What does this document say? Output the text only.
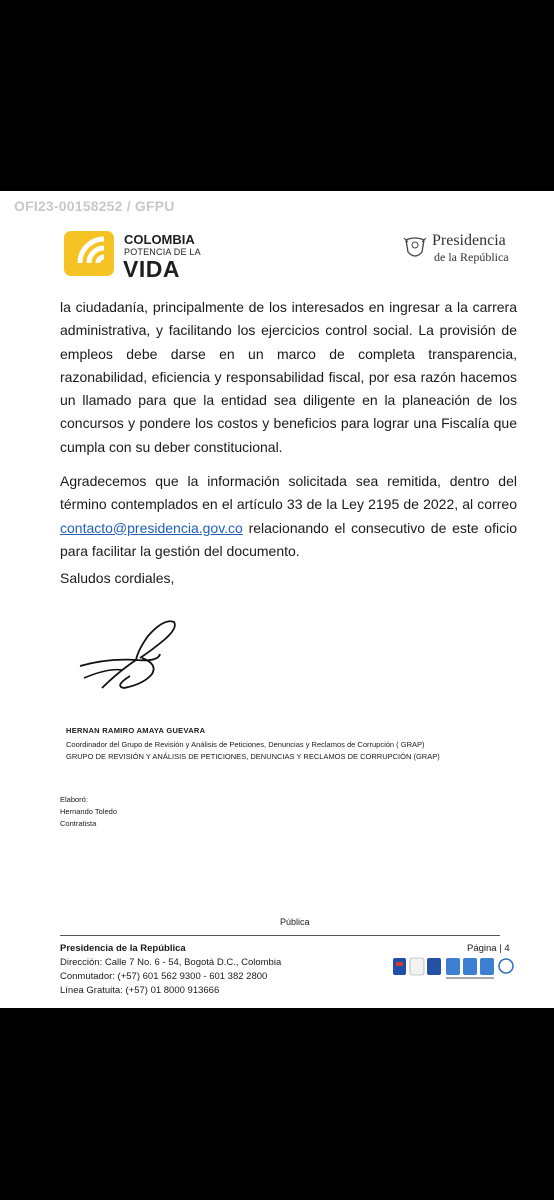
OFI23-00158252 / GFPU
COLOMBIA
POTENCIA DE LA
VIDA
Presidencia
de la República
la ciudadanía, principalmente de los interesados en ingresar a la carrera administrativa, y facilitando los ejercicios control social. La provisión de empleos debe darse en un marco de completa transparencia, razonabilidad, eficiencia y responsabilidad fiscal, por esa razón hacemos un llamado para que la entidad sea diligente en la planeación de los concursos y pondere los costos y beneficios para lograr una Fiscalía que cumpla con su deber constitucional.
Agradecemos que la información solicitada sea remitida, dentro del término contemplados en el artículo 33 de la Ley 2195 de 2022, al correo contacto@presidencia.gov.co relacionando el consecutivo de este oficio para facilitar la gestión del documento.
Saludos cordiales,
HERNAN RAMIRO AMAYA GUEVARA
Coordinador del Grupo de Revisión y Análisis de Peticiones, Denuncias y Reclamos de Corrupción ( GRAP)
GRUPO DE REVISIÓN Y ANÁLISIS DE PETICIONES, DENUNCIAS Y RECLAMOS DE CORRUPCIÓN (GRAP)
Elaboró:
Hernando Toledo
Contratista
Pública
Presidencia de la República
Dirección: Calle 7 No. 6 - 54, Bogotá D.C., Colombia
Conmutador: (+57) 601 562 9300 - 601 382 2800
Línea Gratuita: (+57) 01 8000 913666
Página | 4
